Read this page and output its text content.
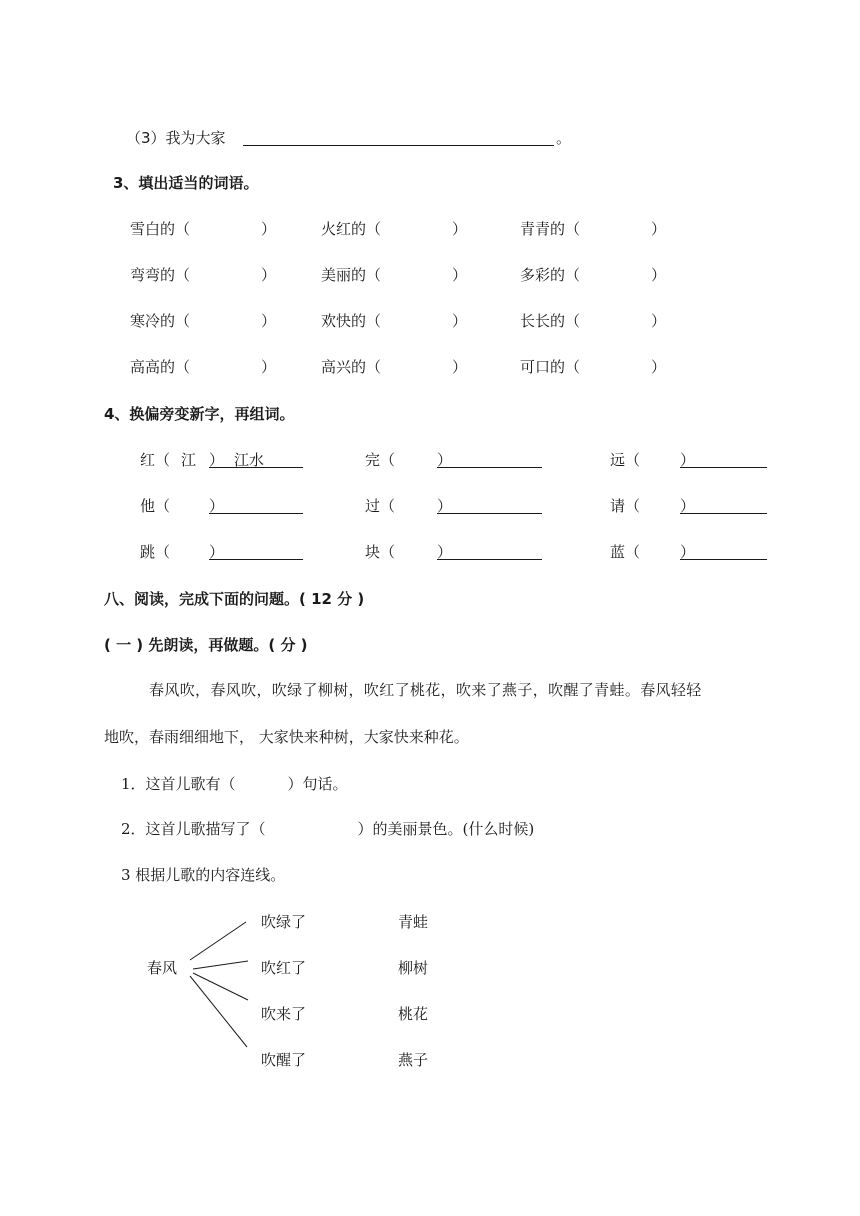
（3）我为大家	。
3、填出适当的词语。
雪白的（	）	火红的（	）	青青的（	）
弯弯的（	）	美丽的（	）	多彩的（	）
寒冷的（	）	欢快的（	）	长长的（	）
高高的（	）	高兴的（	）	可口的（	）
4、换偏旁变新字，再组词。
红（ 江 ） 江水	完（	）	远（	）
他（	）	过（	）	请（	）
跳（	）	块（	）	蓝（	）
八、阅读，完成下面的问题。( 12 分 )
( 一 ) 先朗读，再做题。( 分 )
春风吹，春风吹，吹绿了柳树，吹红了桃花，吹来了燕子，吹醒了青蛙。春风轻轻
地吹，春雨细细地下， 大家快来种树，大家快来种花。
1．这首儿歌有（	）句话。
2．这首儿歌描写了（	）的美丽景色。(什么时候)
3 根据儿歌的内容连线。
春风
吹绿了
吹红了
吹来了
吹醒了
青蛙
柳树
桃花
燕子
